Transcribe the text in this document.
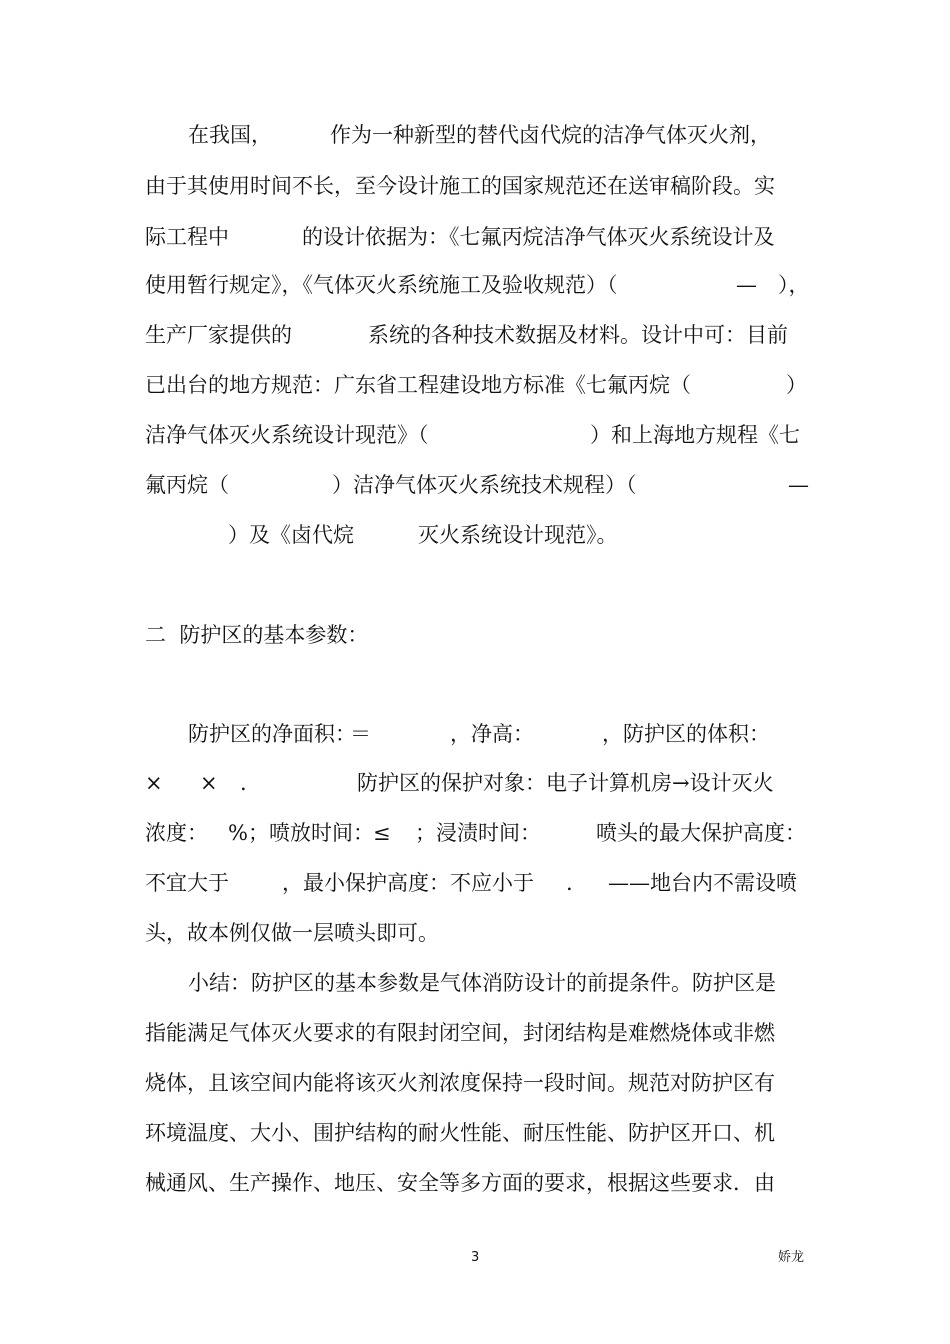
在我国，	作为一种新型的替代卤代烷的洁净气体灭火剂，

由于其使用时间不长，至今设计施工的国家规范还在送审稿阶段。实

际工程中	的设计依据为：《七氟丙烷洁净气体灭火系统设计及

使用暂行规定》，《气体灭火系统施工及验收规范）（	— ），

生产厂家提供的	系统的各种技术数据及材料。设计中可：目前

已出台的地方规范：广东省工程建设地方标准《七氟丙烷（	）

洁净气体灭火系统设计现范》（	）和上海地方规程《七

氟丙烷（	）洁净气体灭火系统技术规程）（	—

）及《卤代烷	灭火系统设计现范》。

二  防护区的基本参数：

防护区的净面积：
＝	，净高：	，防护区的体积：

× × .	防护区的保护对象：电子计算机房→设计灭火

浓度： %；喷放时间： ≤ ；浸渍时间：	喷头的最大保护高度：

不宜大于	，最小保护高度：不应小于 . ——地台内不需设喷

头，故本例仅做一层喷头即可。

小结：防护区的基本参数是气体消防设计的前提条件。防护区是

指能满足气体灭火要求的有限封闭空间，封闭结构是难燃烧体或非燃

烧体，且该空间内能将该灭火剂浓度保持一段时间。规范对防护区有

环境温度、大小、围护结构的耐火性能、耐压性能、防护区开口、机

械通风、生产操作、地压、安全等多方面的要求，根据这些要求．由

3	娇龙
